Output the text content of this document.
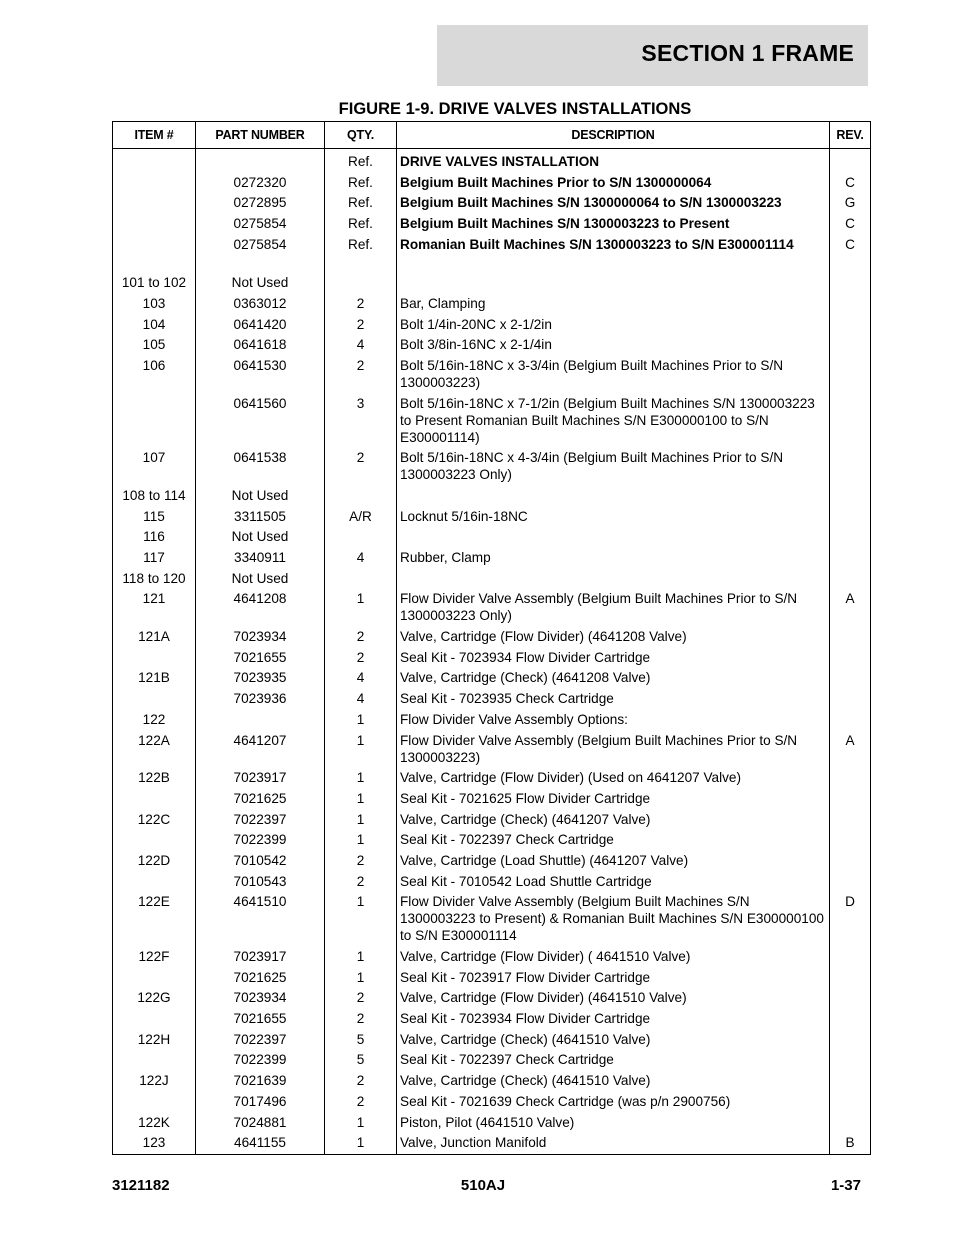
SECTION 1 FRAME
FIGURE 1-9. DRIVE VALVES INSTALLATIONS
ITEM #	PART NUMBER	QTY.	DESCRIPTION	REV.
		Ref.	DRIVE VALVES INSTALLATION	
	0272320	Ref.	Belgium Built Machines Prior to S/N 1300000064	C
	0272895	Ref.	Belgium Built Machines S/N 1300000064 to S/N 1300003223	G
	0275854	Ref.	Belgium Built Machines S/N 1300003223 to Present	C
	0275854	Ref.	Romanian Built Machines S/N 1300003223 to S/N E300001114	C

101 to 102	Not Used			
103	0363012	2	Bar, Clamping	
104	0641420	2	Bolt 1/4in-20NC x 2-1/2in	
105	0641618	4	Bolt 3/8in-16NC x 2-1/4in	
106	0641530	2	Bolt 5/16in-18NC x 3-3/4in (Belgium Built Machines Prior to S/N 1300003223)	
	0641560	3	Bolt 5/16in-18NC x 7-1/2in (Belgium Built Machines S/N 1300003223 to Present Romanian Built Machines S/N E300000100 to S/N E300001114)	
107	0641538	2	Bolt 5/16in-18NC x 4-3/4in (Belgium Built Machines Prior to S/N 1300003223 Only)	
108 to 114	Not Used			
115	3311505	A/R	Locknut 5/16in-18NC	
116	Not Used			
117	3340911	4	Rubber, Clamp	
118 to 120	Not Used			
121	4641208	1	Flow Divider Valve Assembly (Belgium Built Machines Prior to S/N 1300003223 Only)	A
121A	7023934	2	Valve, Cartridge (Flow Divider) (4641208 Valve)	
	7021655	2	Seal Kit - 7023934 Flow Divider Cartridge	
121B	7023935	4	Valve, Cartridge (Check) (4641208 Valve)	
	7023936	4	Seal Kit - 7023935 Check Cartridge	
122		1	Flow Divider Valve Assembly Options:	
122A	4641207	1	Flow Divider Valve Assembly (Belgium Built Machines Prior to S/N 1300003223)	A
122B	7023917	1	Valve, Cartridge (Flow Divider) (Used on 4641207 Valve)	
	7021625	1	Seal Kit - 7021625 Flow Divider Cartridge	
122C	7022397	1	Valve, Cartridge (Check) (4641207 Valve)	
	7022399	1	Seal Kit - 7022397 Check Cartridge	
122D	7010542	2	Valve, Cartridge (Load Shuttle) (4641207 Valve)	
	7010543	2	Seal Kit - 7010542 Load Shuttle Cartridge	
122E	4641510	1	Flow Divider Valve Assembly (Belgium Built Machines S/N 1300003223 to Present) & Romanian Built Machines S/N E300000100 to S/N E300001114	D
122F	7023917	1	Valve, Cartridge (Flow Divider) ( 4641510 Valve)	
	7021625	1	Seal Kit - 7023917 Flow Divider Cartridge	
122G	7023934	2	Valve, Cartridge (Flow Divider) (4641510 Valve)	
	7021655	2	Seal Kit - 7023934 Flow Divider Cartridge	
122H	7022397	5	Valve, Cartridge (Check) (4641510 Valve)	
	7022399	5	Seal Kit - 7022397 Check Cartridge	
122J	7021639	2	Valve, Cartridge (Check) (4641510 Valve)	
	7017496	2	Seal Kit - 7021639 Check Cartridge (was p/n 2900756)	
122K	7024881	1	Piston, Pilot (4641510 Valve)	
123	4641155	1	Valve, Junction Manifold	B
3121182	510AJ	1-37
